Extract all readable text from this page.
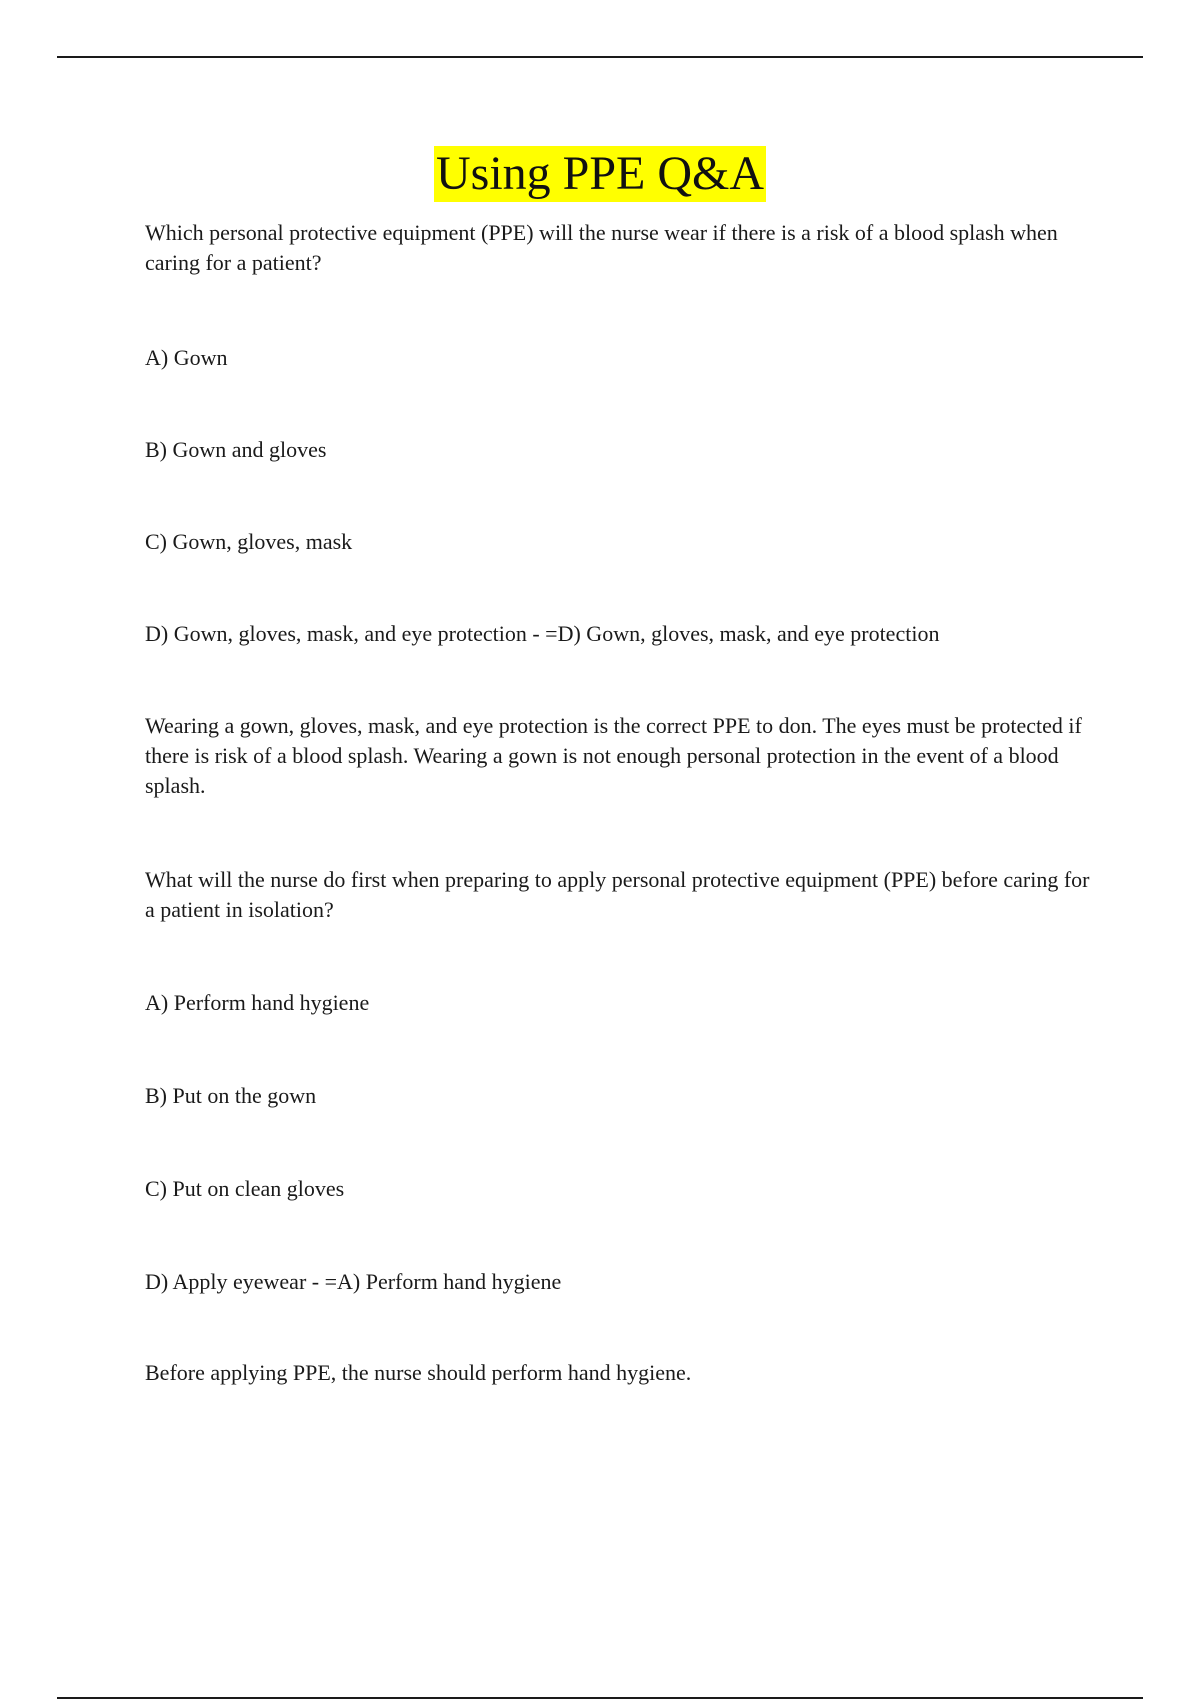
Using PPE Q&A

Which personal protective equipment (PPE) will the nurse wear if there is a risk of a blood splash when caring for a patient?

A) Gown

B) Gown and gloves

C) Gown, gloves, mask

D) Gown, gloves, mask, and eye protection - =D) Gown, gloves, mask, and eye protection

Wearing a gown, gloves, mask, and eye protection is the correct PPE to don. The eyes must be protected if there is risk of a blood splash. Wearing a gown is not enough personal protection in the event of a blood splash.

What will the nurse do first when preparing to apply personal protective equipment (PPE) before caring for a patient in isolation?

A) Perform hand hygiene

B) Put on the gown

C) Put on clean gloves

D) Apply eyewear - =A) Perform hand hygiene

Before applying PPE, the nurse should perform hand hygiene.
